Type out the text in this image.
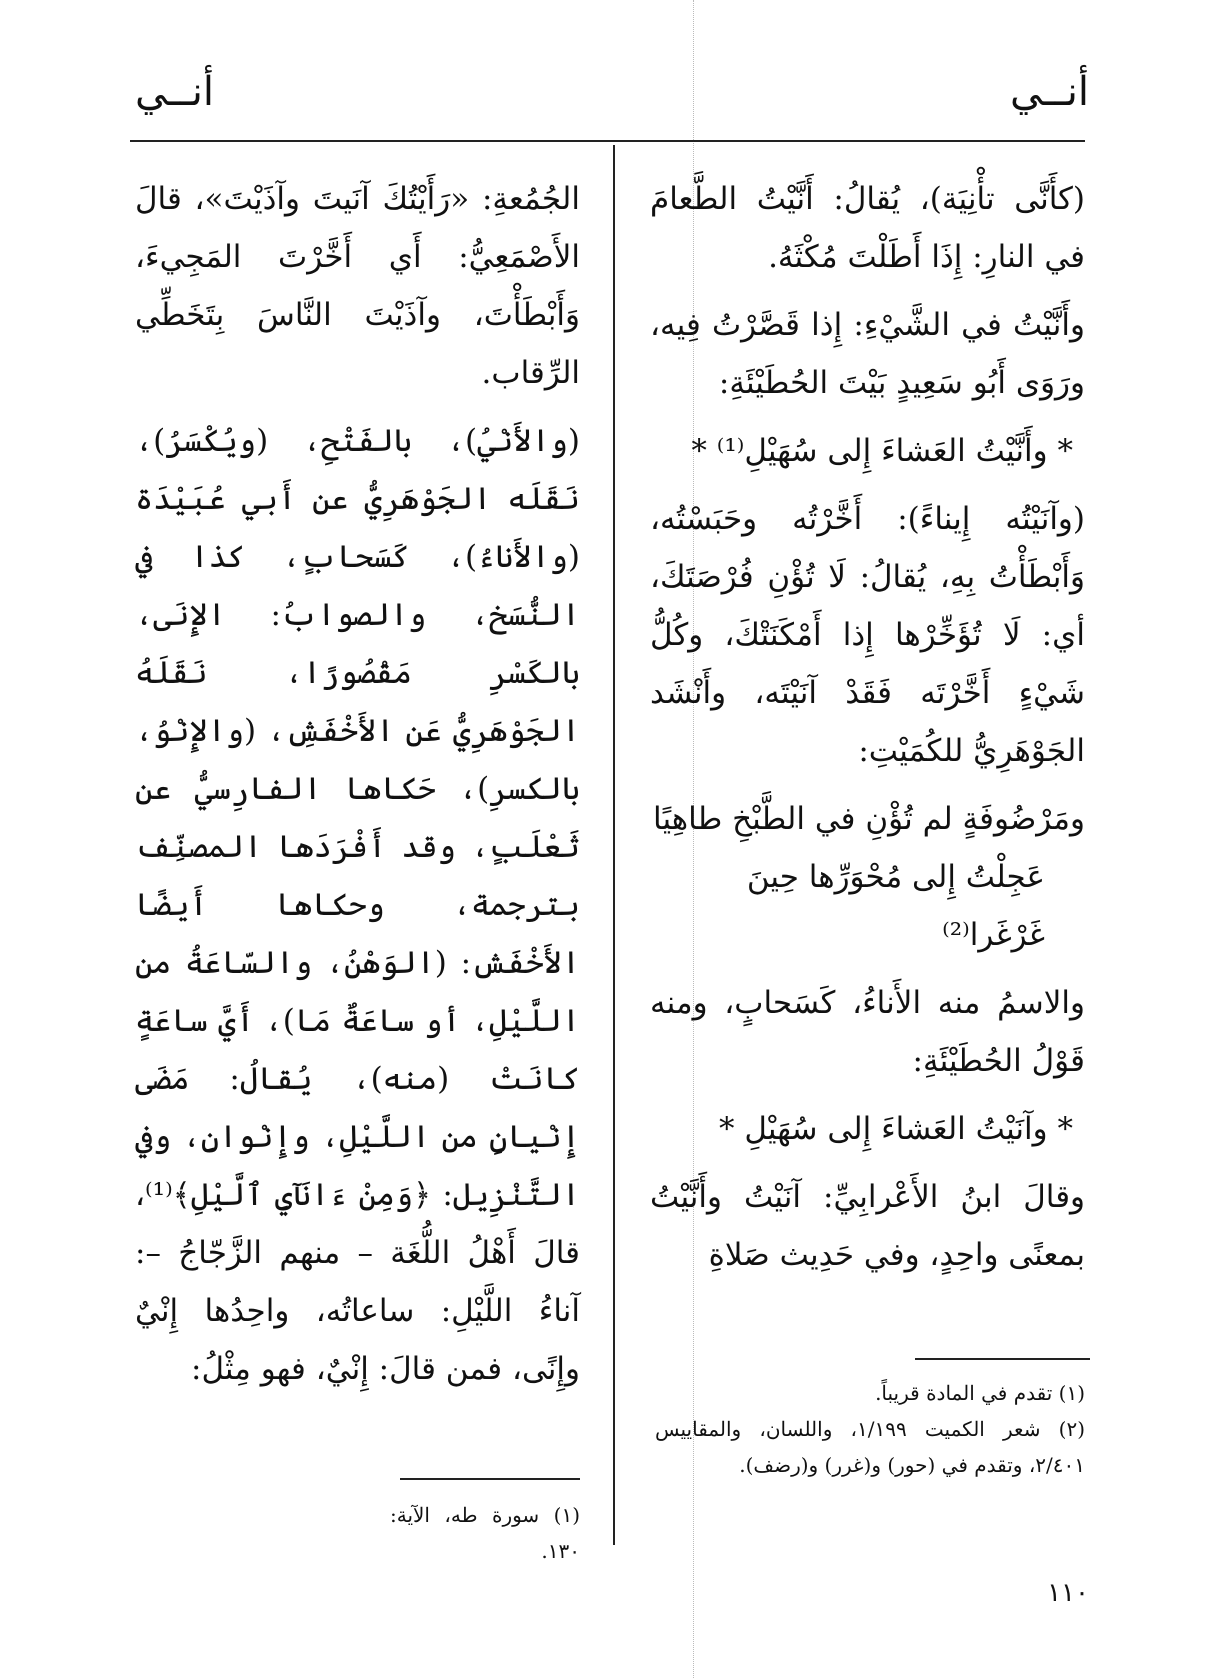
أنــي
أنــي

(كأَنَّى تأْنِيَة)، يُقالُ: أَنَّيْتُ الطَّعامَ في النارِ: إِذَا أَطَلْتَ مُكْثَهُ.

وأَنَّيْتُ في الشَّيْءِ: إِذا قَصَّرْتُ فِيه، ورَوَى أَبُو سَعِيدٍ بَيْتَ الحُطَيْئَةِ:

* وأَنَّيْتُ العَشاءَ إِلى سُهَيْلِ⁽¹⁾ *

(وآنَيْتُه إِيناءً): أَخَّرْتُه وحَبَسْتُه، وَأَبْطَأْتُ بِهِ، يُقالُ: لَا تُؤْنِ فُرْصَتَكَ، أي: لَا تُؤَخِّرْها إِذا أَمْكَنَتْكَ، وكُلُّ شَيْءٍ أَخَّرْتَه فَقَدْ آنَيْتَه، وأَنْشَد الجَوْهَرِيُّ للكُمَيْتِ:

ومَرْضُوفَةٍ لم تُؤْنِ في الطَّبْخِ طاهِيًا

عَجِلْتُ إِلى مُحْوَرِّها حِينَ غَرْغَرا⁽²⁾

والاسمُ منه الأَناءُ، كَسَحابٍ، ومنه قَوْلُ الحُطَيْئَةِ:

* وآنَيْتُ العَشاءَ إِلى سُهَيْلِ *

وقالَ ابنُ الأَعْرابِيِّ: آنَيْتُ وأَنَّيْتُ بمعنًى واحِدٍ، وفي حَدِيث صَلاةِ

الجُمُعةِ: «رَأَيْتُكَ آنَيتَ وآذَيْتَ»، قالَ الأَصْمَعِيُّ: أَي أَخَّرْتَ المَجِيءَ، وَأَبْطَأْتَ، وآذَيْتَ النَّاسَ بِتَخَطِّي الرِّقاب.

(والأَنْيُ)، بالفَتْحِ، (ويُكْسَرُ)، نَقَلَه الجَوْهَرِيُّ عن أَبي عُبَيْدَة (والأَناءُ)، كَسَحابٍ، كذا في النُّسَخ، والصوابُ: الإِنَى، بالكَسْرِ مَقْصُورًا، نَقَلَهُ الجَوْهَرِيُّ عَن الأَخْفَشِ، (والإِنْوُ، بالكسرِ)، حَكاها الفارِسيُّ عن ثَعْلَبٍ، وقد أَفْرَدَها المصنِّف بترجمة، وحكاها أَيضًا الأَخْفَش: (الوَهْنُ، والسّاعَةُ من اللَّيْلِ، أو ساعَةٌ مَا)، أَيَّ ساعَةٍ كانَتْ (منه)، يُقالُ: مَضَى إِنْيانٍ من اللَّيْلِ، وإِنْوانِ، وفي التَّنْزِيل: ﴿وَمِنْ ءَانَآيِ ٱلَّيْلِ﴾⁽¹⁾، قالَ أَهْلُ اللُّغَة – منهم الزَّجّاجُ –: آناءُ اللَّيْلِ: ساعاتُه، واحِدُها إِنْيٌ وإِنًى، فمن قالَ: إِنْيٌ، فهو مِثْلُ:

(١) تقدم في المادة قريباً.

(٢) شعر الكميت ١/١٩٩، واللسان، والمقاييس ٢/٤٠١، وتقدم في (حور) و(غرر) و(رضف).

(١) سورة طه، الآية: ١٣٠.

١١٠
